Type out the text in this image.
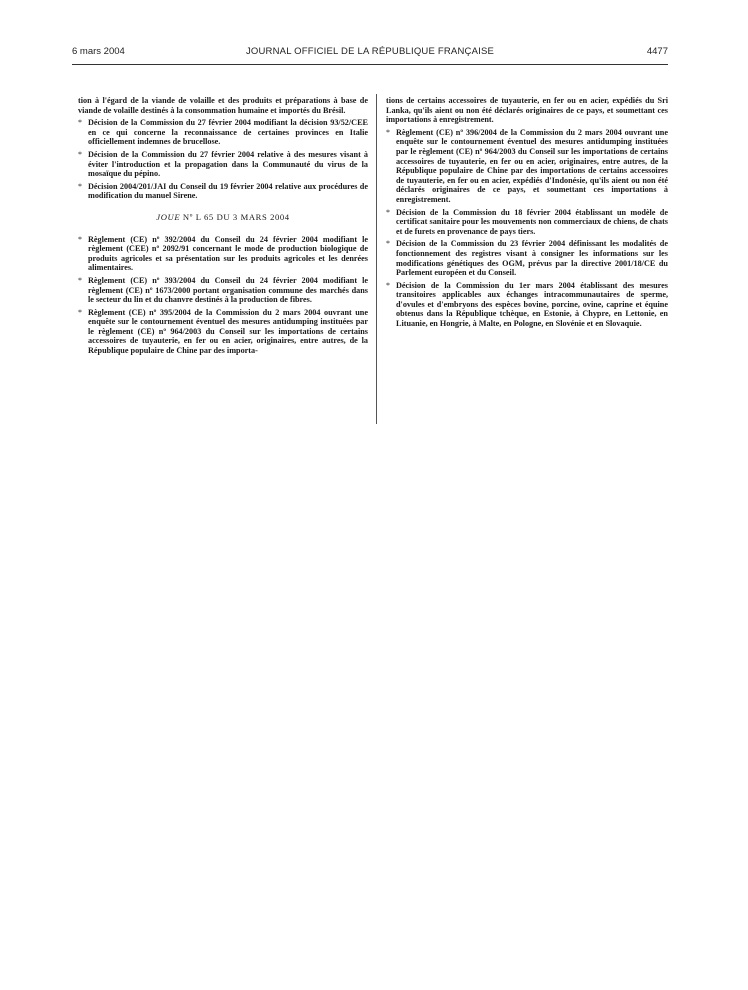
6 mars 2004	JOURNAL OFFICIEL DE LA RÉPUBLIQUE FRANÇAISE	4477

tion à l'égard de la viande de volaille et des produits et préparations à base de viande de volaille destinés à la consommation humaine et importés du Brésil.

* Décision de la Commission du 27 février 2004 modifiant la décision 93/52/CEE en ce qui concerne la reconnaissance de certaines provinces en Italie officiellement indemnes de brucellose.
* Décision de la Commission du 27 février 2004 relative à des mesures visant à éviter l'introduction et la propagation dans la Communauté du virus de la mosaïque du pépino.
* Décision 2004/201/JAI du Conseil du 19 février 2004 relative aux procédures de modification du manuel Sirene.
JOUE Nº L 65 DU 3 MARS 2004
* Règlement (CE) nº 392/2004 du Conseil du 24 février 2004 modifiant le règlement (CEE) nº 2092/91 concernant le mode de production biologique de produits agricoles et sa présentation sur les produits agricoles et les denrées alimentaires.
* Règlement (CE) nº 393/2004 du Conseil du 24 février 2004 modifiant le règlement (CE) nº 1673/2000 portant organisation commune des marchés dans le secteur du lin et du chanvre destinés à la production de fibres.
* Règlement (CE) nº 395/2004 de la Commission du 2 mars 2004 ouvrant une enquête sur le contournement éventuel des mesures antidumping instituées par le règlement (CE) nº 964/2003 du Conseil sur les importations de certains accessoires de tuyauterie, en fer ou en acier, originaires, entre autres, de la République populaire de Chine par des importa-

tions de certains accessoires de tuyauterie, en fer ou en acier, expédiés du Sri Lanka, qu'ils aient ou non été déclarés originaires de ce pays, et soumettant ces importations à enregistrement.

* Règlement (CE) nº 396/2004 de la Commission du 2 mars 2004 ouvrant une enquête sur le contournement éventuel des mesures antidumping instituées par le règlement (CE) nº 964/2003 du Conseil sur les importations de certains accessoires de tuyauterie, en fer ou en acier, originaires, entre autres, de la République populaire de Chine par des importations de certains accessoires de tuyauterie, en fer ou en acier, expédiés d'Indonésie, qu'ils aient ou non été déclarés originaires de ce pays, et soumettant ces importations à enregistrement.
* Décision de la Commission du 18 février 2004 établissant un modèle de certificat sanitaire pour les mouvements non commerciaux de chiens, de chats et de furets en provenance de pays tiers.
* Décision de la Commission du 23 février 2004 définissant les modalités de fonctionnement des registres visant à consigner les informations sur les modifications génétiques des OGM, prévus par la directive 2001/18/CE du Parlement européen et du Conseil.
* Décision de la Commission du 1er mars 2004 établissant des mesures transitoires applicables aux échanges intracommunautaires de sperme, d'ovules et d'embryons des espèces bovine, porcine, ovine, caprine et équine obtenus dans la République tchèque, en Estonie, à Chypre, en Lettonie, en Lituanie, en Hongrie, à Malte, en Pologne, en Slovénie et en Slovaquie.
